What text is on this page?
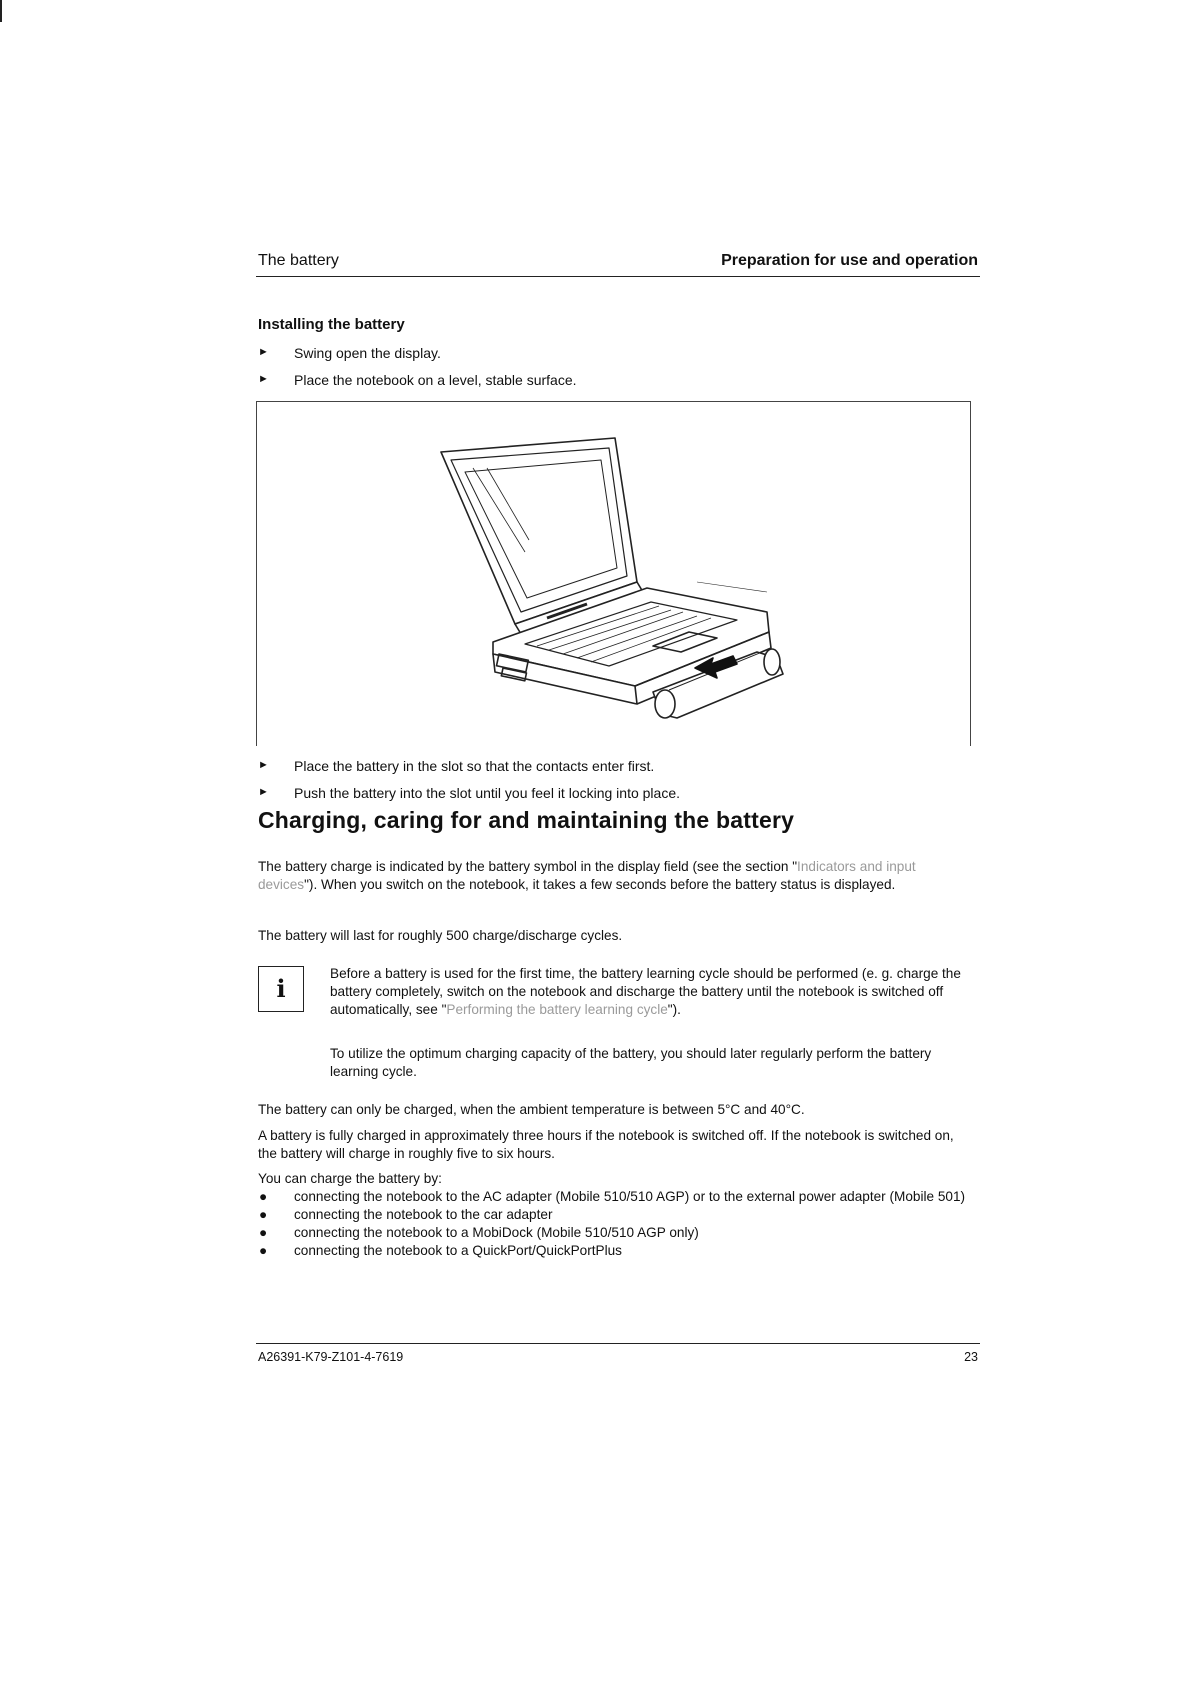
The battery	Preparation for use and operation
Installing the battery
► Swing open the display.
► Place the notebook on a level, stable surface.
► Place the battery in the slot so that the contacts enter first.
► Push the battery into the slot until you feel it locking into place.
Charging, caring for and maintaining the battery

The battery charge is indicated by the battery symbol in the display field (see the section "Indicators and input devices"). When you switch on the notebook, it takes a few seconds before the battery status is displayed.

The battery will last for roughly 500 charge/discharge cycles.

i

Before a battery is used for the first time, the battery learning cycle should be performed (e. g. charge the battery completely, switch on the notebook and discharge the battery until the notebook is switched off automatically, see "Performing the battery learning cycle").

To utilize the optimum charging capacity of the battery, you should later regularly perform the battery learning cycle.

The battery can only be charged, when the ambient temperature is between 5°C and 40°C.

A battery is fully charged in approximately three hours if the notebook is switched off. If the notebook is switched on, the battery will charge in roughly five to six hours.

You can charge the battery by:

● connecting the notebook to the AC adapter (Mobile 510/510 AGP) or to the external power adapter (Mobile 501)
● connecting the notebook to the car adapter
● connecting the notebook to a MobiDock (Mobile 510/510 AGP only)
● connecting the notebook to a QuickPort/QuickPortPlus
A26391-K79-Z101-4-7619	23
